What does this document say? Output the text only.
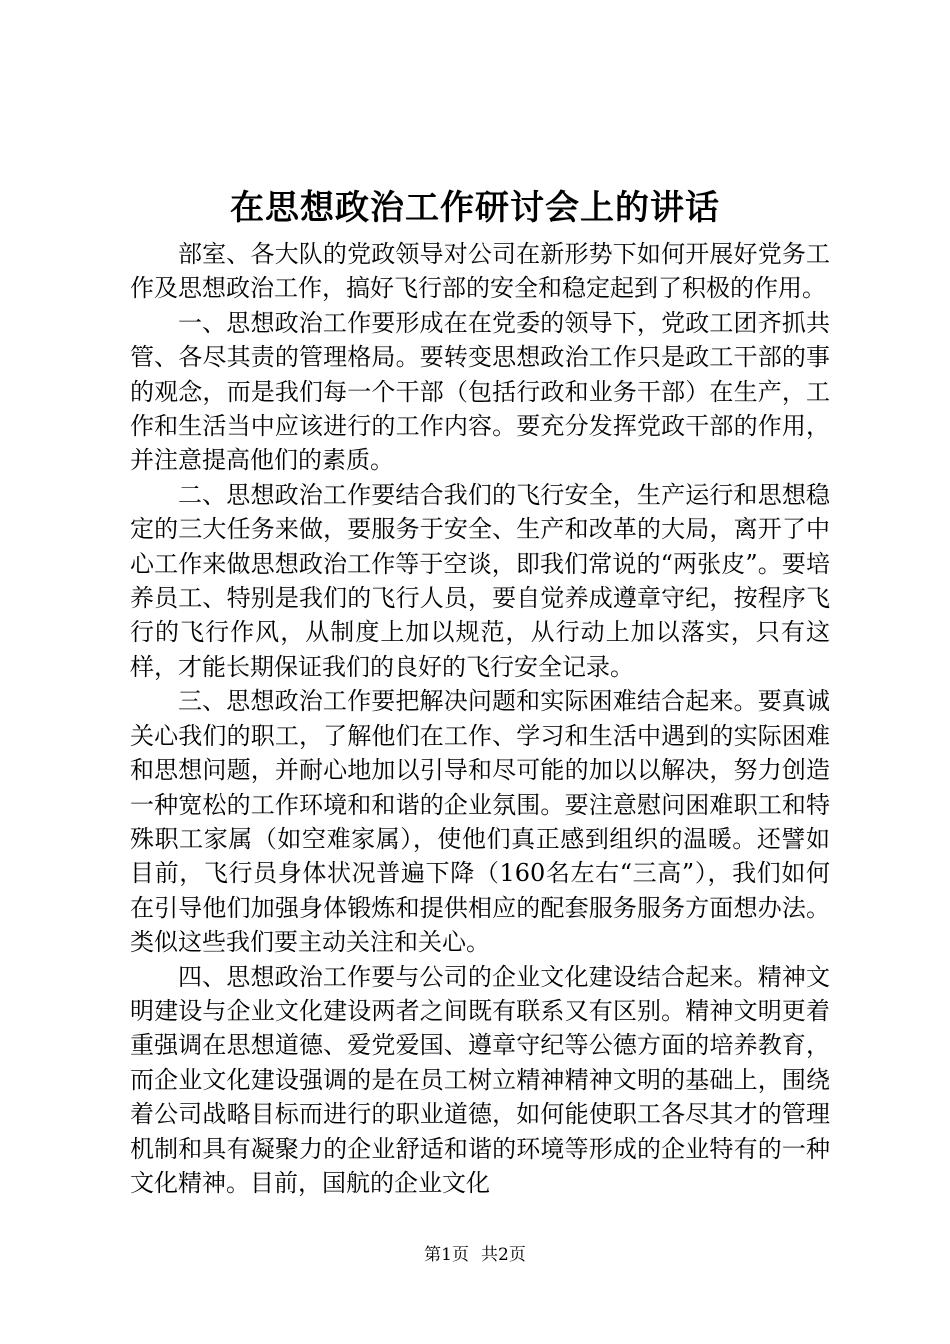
在思想政治工作研讨会上的讲话

部室、各大队的党政领导对公司在新形势下如何开展好党务工作及思想政治工作，搞好飞行部的安全和稳定起到了积极的作用。

一、思想政治工作要形成在在党委的领导下，党政工团齐抓共管、各尽其责的管理格局。要转变思想政治工作只是政工干部的事的观念，而是我们每一个干部（包括行政和业务干部）在生产，工作和生活当中应该进行的工作内容。要充分发挥党政干部的作用，并注意提高他们的素质。

二、思想政治工作要结合我们的飞行安全，生产运行和思想稳定的三大任务来做，要服务于安全、生产和改革的大局，离开了中心工作来做思想政治工作等于空谈，即我们常说的“两张皮”。要培养员工、特别是我们的飞行人员，要自觉养成遵章守纪，按程序飞行的飞行作风，从制度上加以规范，从行动上加以落实，只有这样，才能长期保证我们的良好的飞行安全记录。

三、思想政治工作要把解决问题和实际困难结合起来。要真诚关心我们的职工，了解他们在工作、学习和生活中遇到的实际困难和思想问题，并耐心地加以引导和尽可能的加以以解决，努力创造一种宽松的工作环境和和谐的企业氛围。要注意慰问困难职工和特殊职工家属（如空难家属），使他们真正感到组织的温暖。还譬如目前，飞行员身体状况普遍下降（160名左右“三高”），我们如何在引导他们加强身体锻炼和提供相应的配套服务服务方面想办法。类似这些我们要主动关注和关心。

四、思想政治工作要与公司的企业文化建设结合起来。精神文明建设与企业文化建设两者之间既有联系又有区别。精神文明更着重强调在思想道德、爱党爱国、遵章守纪等公德方面的培养教育，而企业文化建设强调的是在员工树立精神精神文明的基础上，围绕着公司战略目标而进行的职业道德，如何能使职工各尽其才的管理机制和具有凝聚力的企业舒适和谐的环境等形成的企业特有的一种文化精神。目前，国航的企业文化

第1页 共2页
